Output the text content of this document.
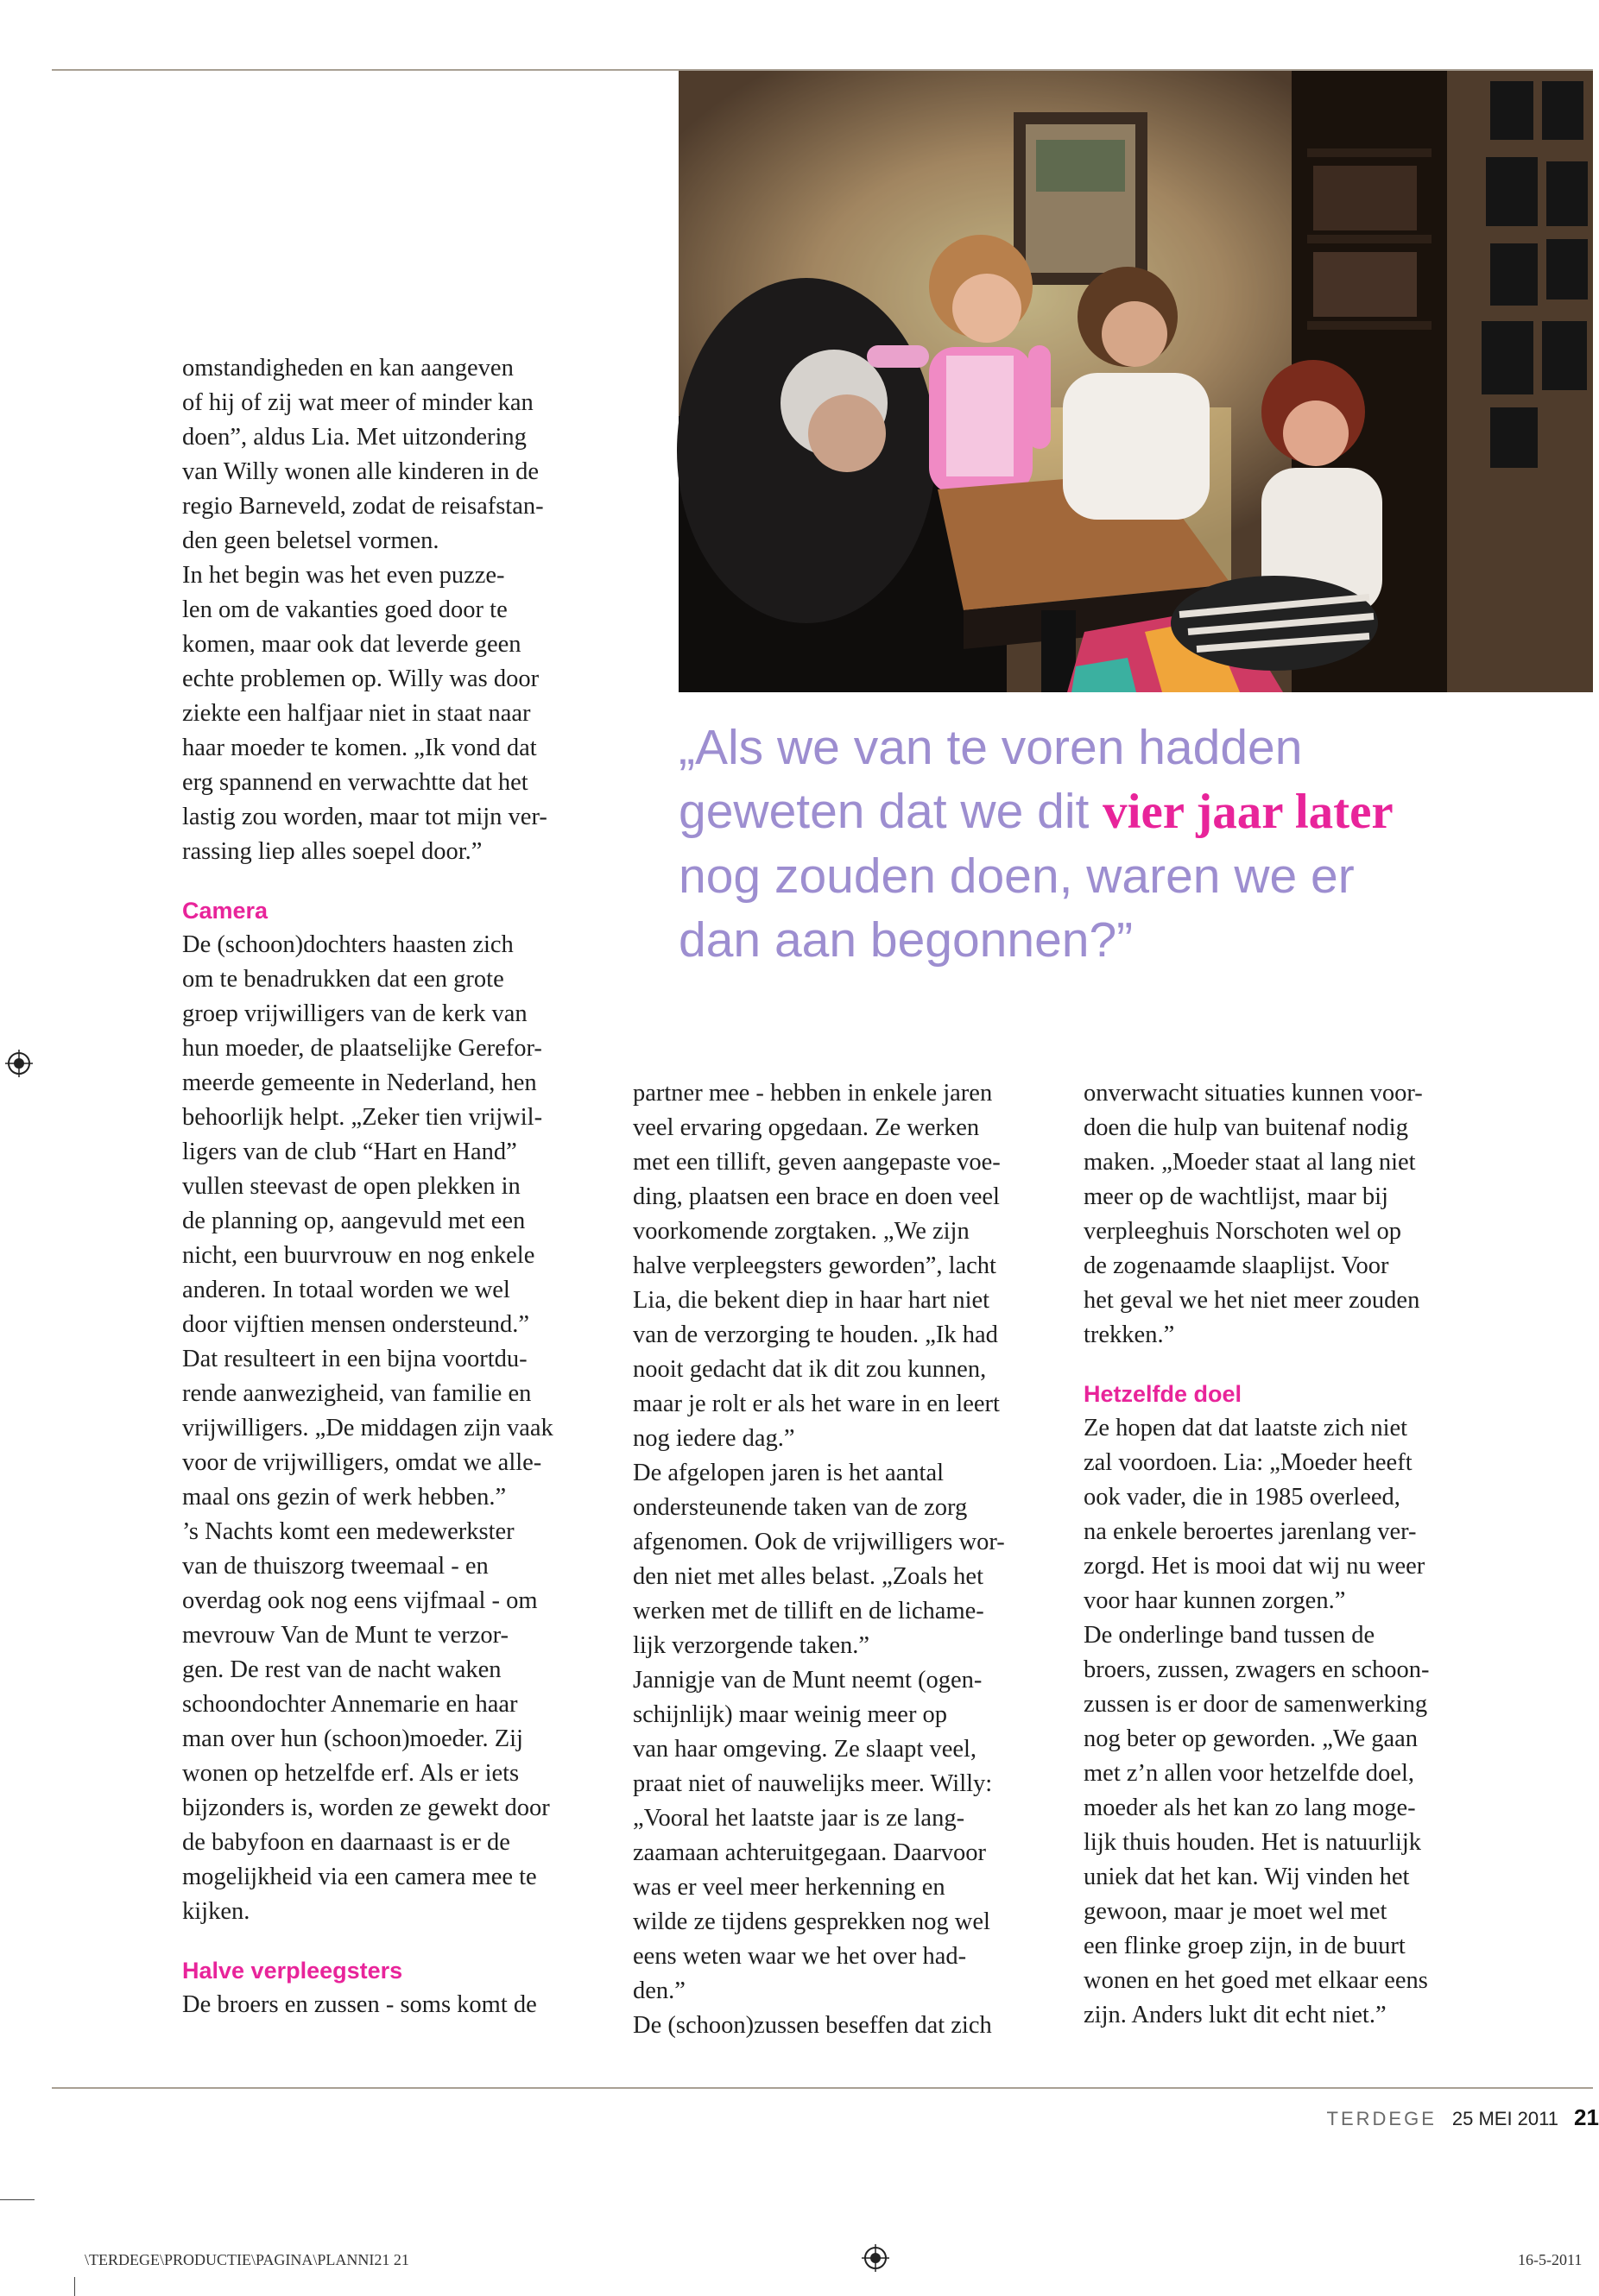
„Als we van te voren hadden
geweten dat we dit vier jaar later
nog zouden doen, waren we er
dan aan begonnen?”

omstandigheden en kan aangeven

of hij of zij wat meer of minder kan

doen”, aldus Lia. Met uitzondering

van Willy wonen alle kinderen in de

regio Barneveld, zodat de reisafstan-

den geen beletsel vormen.

In het begin was het even puzze-

len om de vakanties goed door te

komen, maar ook dat leverde geen

echte problemen op. Willy was door

ziekte een halfjaar niet in staat naar

haar moeder te komen. „Ik vond dat

erg spannend en verwachtte dat het

lastig zou worden, maar tot mijn ver-

rassing liep alles soepel door.”

Camera

De (schoon)dochters haasten zich

om te benadrukken dat een grote

groep vrijwilligers van de kerk van

hun moeder, de plaatselijke Gerefor-

meerde gemeente in Nederland, hen

behoorlijk helpt. „Zeker tien vrijwil-

ligers van de club “Hart en Hand”

vullen steevast de open plekken in

de planning op, aangevuld met een

nicht, een buurvrouw en nog enkele

anderen. In totaal worden we wel

door vijftien mensen ondersteund.”

Dat resulteert in een bijna voortdu-

rende aanwezigheid, van familie en

vrijwilligers. „De middagen zijn vaak

voor de vrijwilligers, omdat we alle-

maal ons gezin of werk hebben.”

’s Nachts komt een medewerkster

van de thuiszorg tweemaal - en

overdag ook nog eens vijfmaal - om

mevrouw Van de Munt te verzor-

gen. De rest van de nacht waken

schoondochter Annemarie en haar

man over hun (schoon)moeder. Zij

wonen op hetzelfde erf. Als er iets

bijzonders is, worden ze gewekt door

de babyfoon en daarnaast is er de

mogelijkheid via een camera mee te

kijken.

Halve verpleegsters

De broers en zussen - soms komt de

partner mee - hebben in enkele jaren

veel ervaring opgedaan. Ze werken

met een tillift, geven aangepaste voe-

ding, plaatsen een brace en doen veel

voorkomende zorgtaken. „We zijn

halve verpleegsters geworden”, lacht

Lia, die bekent diep in haar hart niet

van de verzorging te houden. „Ik had

nooit gedacht dat ik dit zou kunnen,

maar je rolt er als het ware in en leert

nog iedere dag.”

De afgelopen jaren is het aantal

ondersteunende taken van de zorg

afgenomen. Ook de vrijwilligers wor-

den niet met alles belast. „Zoals het

werken met de tillift en de lichame-

lijk verzorgende taken.”

Jannigje van de Munt neemt (ogen-

schijnlijk) maar weinig meer op

van haar omgeving. Ze slaapt veel,

praat niet of nauwelijks meer. Willy:

„Vooral het laatste jaar is ze lang-

zaamaan achteruitgegaan. Daarvoor

was er veel meer herkenning en

wilde ze tijdens gesprekken nog wel

eens weten waar we het over had-

den.”

De (schoon)zussen beseffen dat zich

onverwacht situaties kunnen voor-

doen die hulp van buitenaf nodig

maken. „Moeder staat al lang niet

meer op de wachtlijst, maar bij

verpleeghuis Norschoten wel op

de zogenaamde slaaplijst. Voor

het geval we het niet meer zouden

trekken.”

Hetzelfde doel

Ze hopen dat dat laatste zich niet

zal voordoen. Lia: „Moeder heeft

ook vader, die in 1985 overleed,

na enkele beroertes jarenlang ver-

zorgd. Het is mooi dat wij nu weer

voor haar kunnen zorgen.”

De onderlinge band tussen de

broers, zussen, zwagers en schoon-

zussen is er door de samenwerking

nog beter op geworden. „We gaan

met z’n allen voor hetzelfde doel,

moeder als het kan zo lang moge-

lijk thuis houden. Het is natuurlijk

uniek dat het kan. Wij vinden het

gewoon, maar je moet wel met

een flinke groep zijn, in de buurt

wonen en het goed met elkaar eens

zijn. Anders lukt dit echt niet.”

TERDEGE 25 MEI 2011 21
\TERDEGE\PRODUCTIE\PAGINA\PLANNI21 21	16-5-2011
